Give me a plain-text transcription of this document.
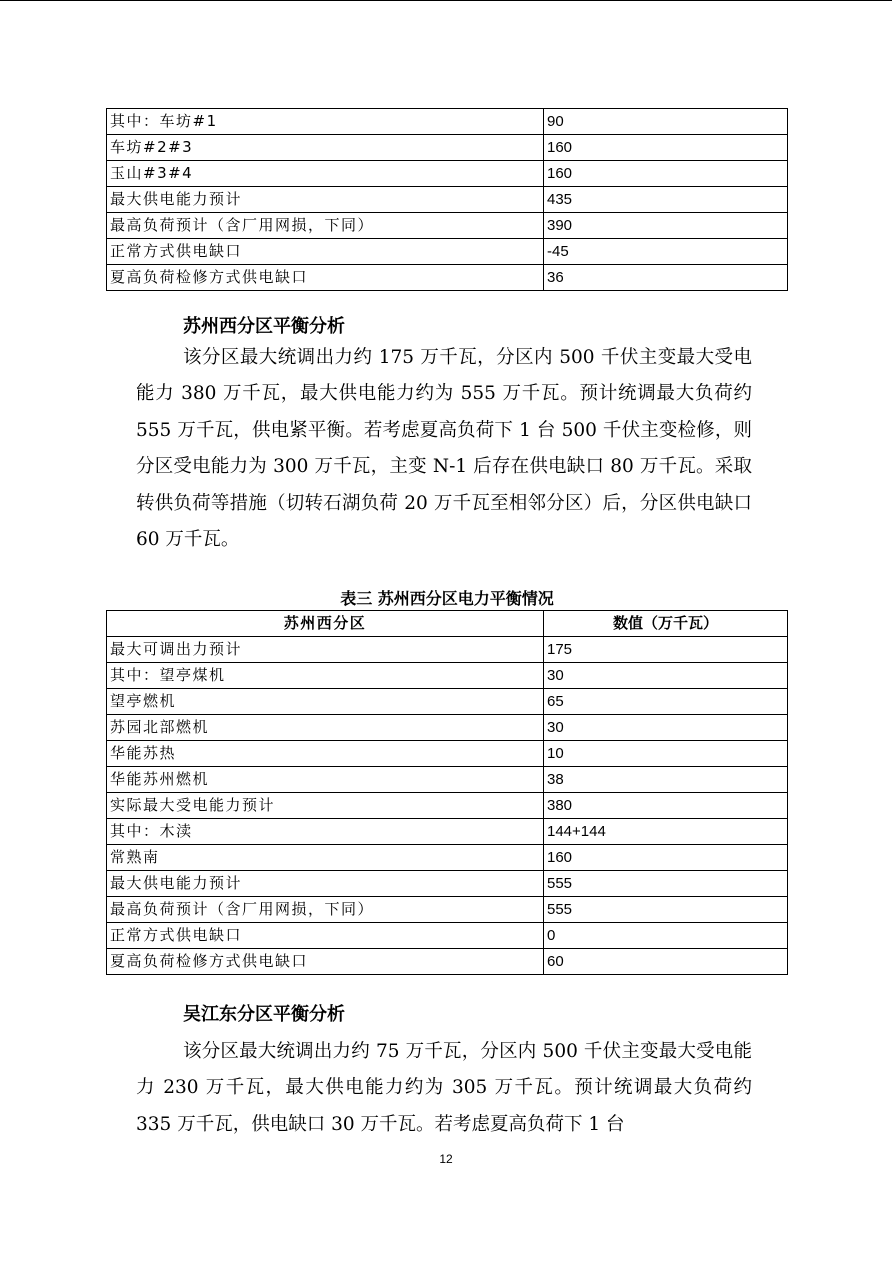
其中：车坊#1	90
车坊#2#3	160
玉山#3#4	160
最大供电能力预计	435
最高负荷预计（含厂用网损，下同）	390
正常方式供电缺口	-45
夏高负荷检修方式供电缺口	36
苏州西分区平衡分析

该分区最大统调出力约 175 万千瓦，分区内 500 千伏主变最大受电能力 380 万千瓦，最大供电能力约为 555 万千瓦。预计统调最大负荷约 555 万千瓦，供电紧平衡。若考虑夏高负荷下 1 台 500 千伏主变检修，则分区受电能力为 300 万千瓦，主变 N-1 后存在供电缺口 80 万千瓦。采取转供负荷等措施（切转石湖负荷 20 万千瓦至相邻分区）后，分区供电缺口 60 万千瓦。

表三 苏州西分区电力平衡情况
苏州西分区	数值（万千瓦）
最大可调出力预计	175
其中：望亭煤机	30
望亭燃机	65
苏园北部燃机	30
华能苏热	10
华能苏州燃机	38
实际最大受电能力预计	380
其中：木渎	144+144
常熟南	160
最大供电能力预计	555
最高负荷预计（含厂用网损，下同）	555
正常方式供电缺口	0
夏高负荷检修方式供电缺口	60
吴江东分区平衡分析

该分区最大统调出力约 75 万千瓦，分区内 500 千伏主变最大受电能力 230 万千瓦，最大供电能力约为 305 万千瓦。预计统调最大负荷约 335 万千瓦，供电缺口 30 万千瓦。若考虑夏高负荷下 1 台

12
